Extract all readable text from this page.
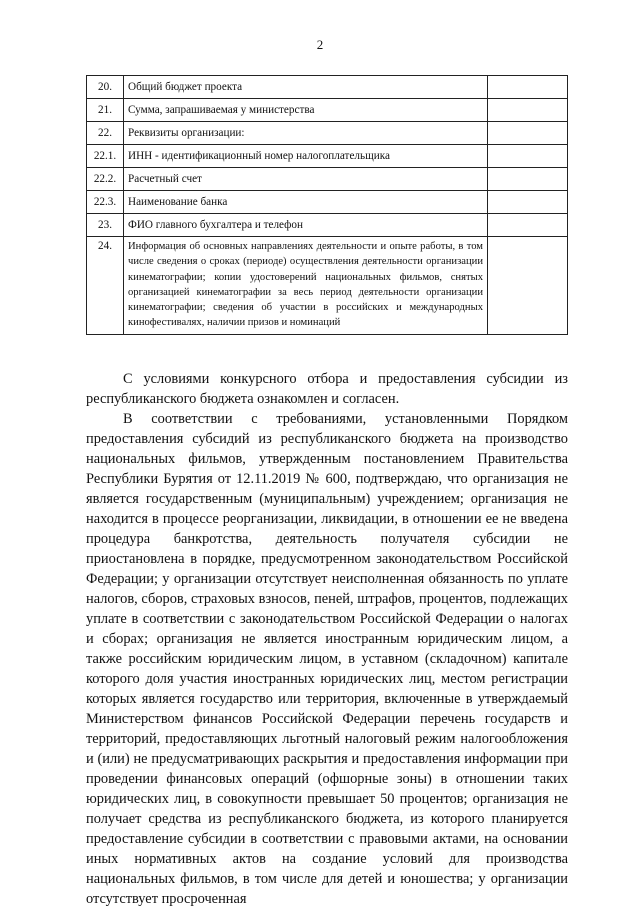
2
20.	Общий бюджет проекта	
21.	Сумма, запрашиваемая у министерства	
22.	Реквизиты организации:	
22.1.	ИНН - идентификационный номер налогоплательщика	
22.2.	Расчетный счет	
22.3.	Наименование банка	
23.	ФИО главного бухгалтера и телефон	
24.	Информация об основных направлениях деятельности и опыте работы, в том числе сведения о сроках (периоде) осуществления деятельности организации кинематографии; копии удостоверений национальных фильмов, снятых организацией кинематографии за весь период деятельности организации кинематографии; сведения об участии в российских и международных кинофестивалях, наличии призов и номинаций	

С условиями конкурсного отбора и предоставления субсидии из республиканского бюджета ознакомлен и согласен.

В соответствии с требованиями, установленными Порядком предоставления субсидий из республиканского бюджета на производство национальных фильмов, утвержденным постановлением Правительства Республики Бурятия от 12.11.2019 № 600, подтверждаю, что организация не является государственным (муниципальным) учреждением; организация не находится в процессе реорганизации, ликвидации, в отношении ее не введена процедура банкротства, деятельность получателя субсидии не приостановлена в порядке, предусмотренном законодательством Российской Федерации; у организации отсутствует неисполненная обязанность по уплате налогов, сборов, страховых взносов, пеней, штрафов, процентов, подлежащих уплате в соответствии с законодательством Российской Федерации о налогах и сборах; организация не является иностранным юридическим лицом, а также российским юридическим лицом, в уставном (складочном) капитале которого доля участия иностранных юридических лиц, местом регистрации которых является государство или территория, включенные в утверждаемый Министерством финансов Российской Федерации перечень государств и территорий, предоставляющих льготный налоговый режим налогообложения и (или) не предусматривающих раскрытия и предоставления информации при проведении финансовых операций (офшорные зоны) в отношении таких юридических лиц, в совокупности превышает 50 процентов; организация не получает средства из республиканского бюджета, из которого планируется предоставление субсидии в соответствии с правовыми актами, на основании иных нормативных актов на создание условий для производства национальных фильмов, в том числе для детей и юношества; у организации отсутствует просроченная
